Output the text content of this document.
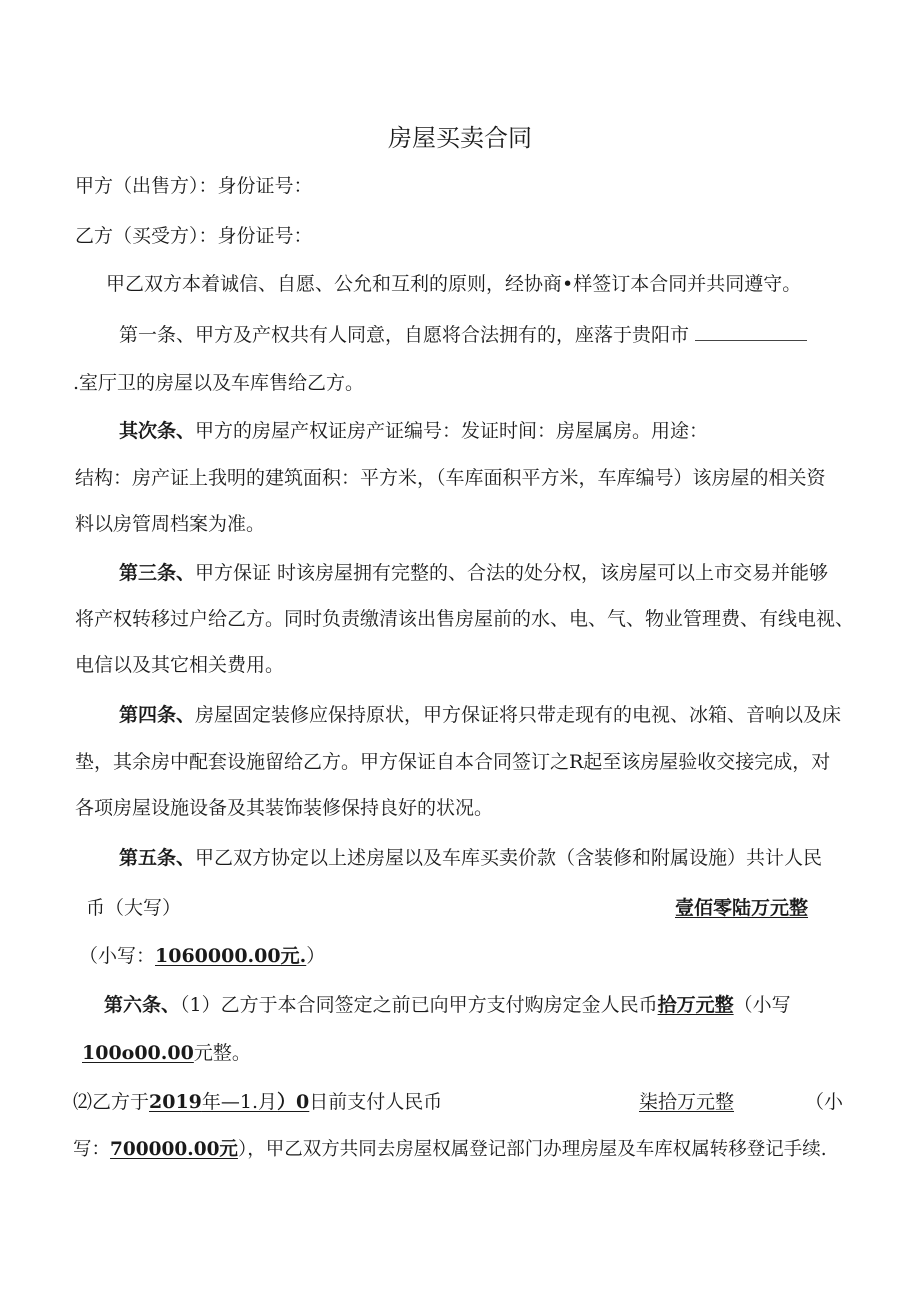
房屋买卖合同
甲方（出售方）：身份证号：
乙方（买受方）：身份证号：
甲乙双方本着诚信、自愿、公允和互利的原则，经协商•样签订本合同并共同遵守。
第一条、甲方及产权共有人同意，自愿将合法拥有的，座落于贵阳市
.室厅卫的房屋以及车库售给乙方。
其次条、甲方的房屋产权证房产证编号：发证时间：房屋属房。用途：
结构：房产证上我明的建筑面积：平方米，（车库面积平方米，车库编号）该房屋的相关资
料以房管周档案为准。
第三条、甲方保证 时该房屋拥有完整的、合法的处分权，该房屋可以上市交易并能够
将产权转移过户给乙方。同时负责缴清该出售房屋前的水、电、气、物业管理费、有线电视、
电信以及其它相关费用。
第四条、房屋固定装修应保持原状，甲方保证将只带走现有的电视、冰箱、音响以及床
垫，其余房中配套设施留给乙方。甲方保证自本合同签订之R起至该房屋验收交接完成，对
各项房屋设施设备及其装饰装修保持良好的状况。
第五条、甲乙双方协定以上述房屋以及车库买卖价款（含装修和附属设施）共计人民
币（大写）	壹佰零陆万元整
（小写：1060000.00元.）
第六条、（1）乙方于本合同签定之前已向甲方支付购房定金人民币拾万元整（小写
100o00.00元整。
⑵乙方于2019年—1.月）0日前支付人民币	柒拾万元整	（小
写：700000.00元），甲乙双方共同去房屋权属登记部门办理房屋及车库权属转移登记手续.
